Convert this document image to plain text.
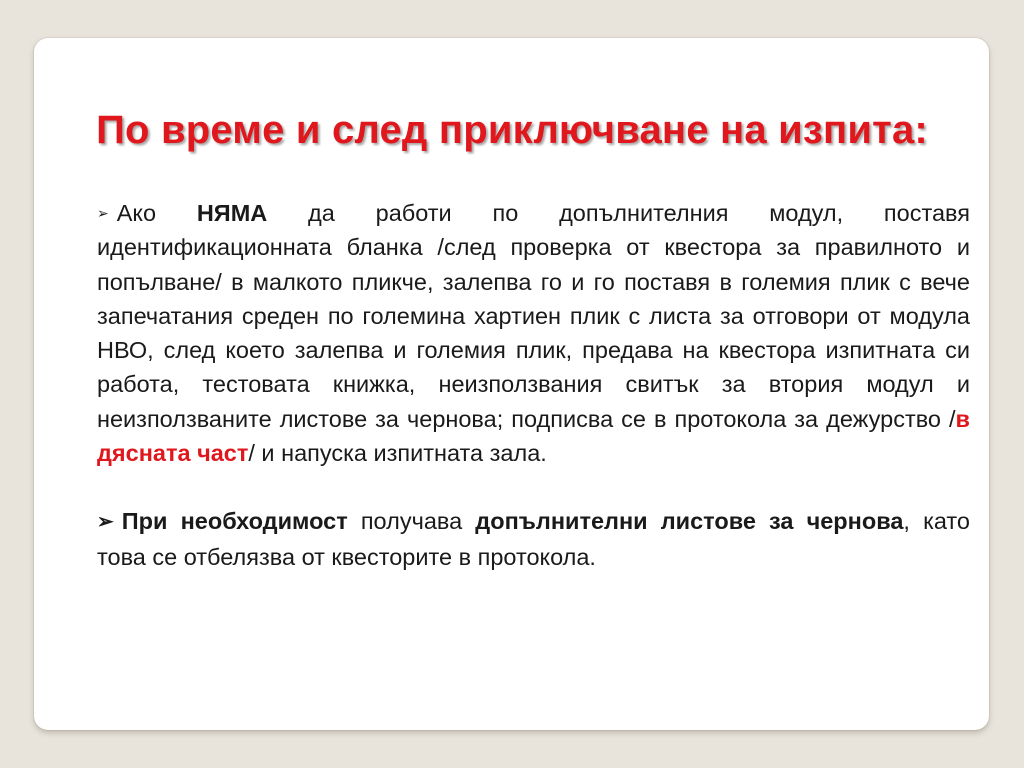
По време и след приключване на изпита:

➢ Ако НЯМА да работи по допълнителния модул, поставя идентификационната бланка /след проверка от квестора за правилното и попълване/ в малкото пликче, залепва го и го поставя в големия плик с вече запечатания среден по големина хартиен плик с листа за отговори от модула НВО, след което залепва и големия плик, предава на квестора изпитната си работа, тестовата книжка, неизползвания свитък за втория модул и неизползваните листове за чернова; подписва се в протокола за дежурство /в дясната част/ и напуска изпитната зала.

➢ При необходимост получава допълнителни листове за чернова, като това се отбелязва от квесторите в протокола.
